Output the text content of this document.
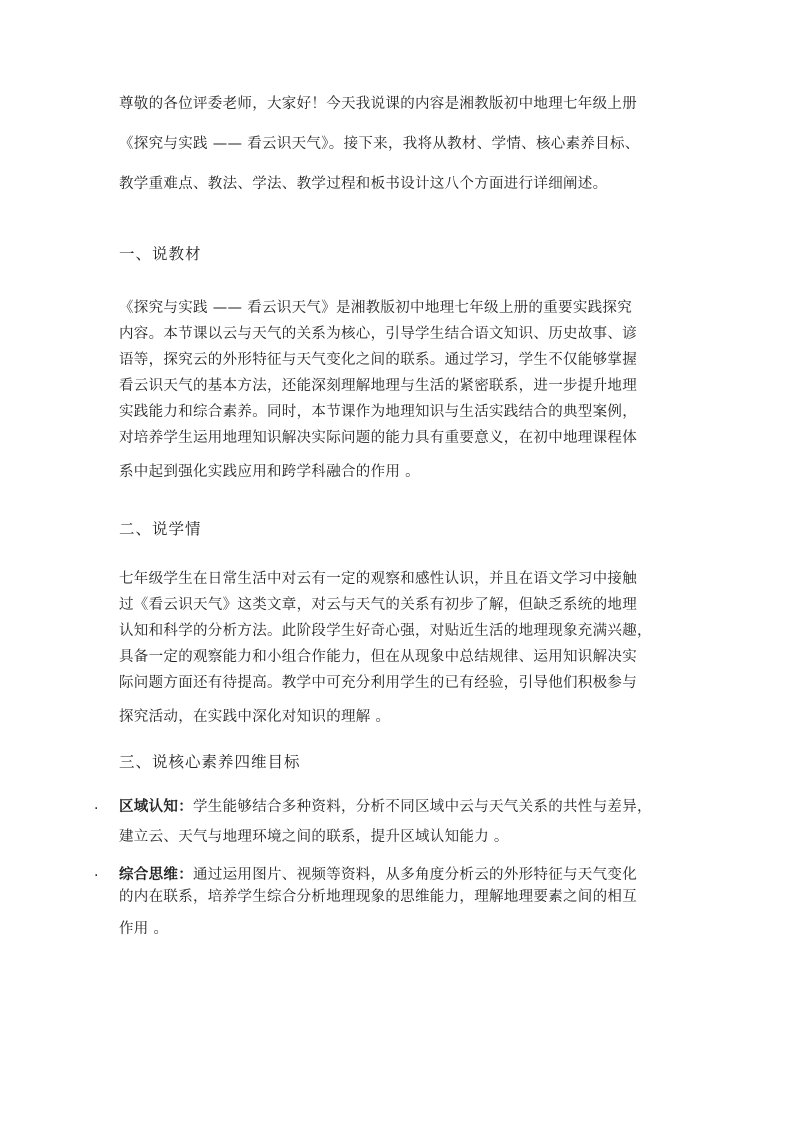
尊敬的各位评委老师，大家好！今天我说课的内容是湘教版初中地理七年级上册
《探究与实践 —— 看云识天气》。接下来，我将从教材、学情、核心素养目标、
教学重难点、教法、学法、教学过程和板书设计这八个方面进行详细阐述。
一、说教材
《探究与实践 —— 看云识天气》是湘教版初中地理七年级上册的重要实践探究
内容。本节课以云与天气的关系为核心，引导学生结合语文知识、历史故事、谚
语等，探究云的外形特征与天气变化之间的联系。通过学习，学生不仅能够掌握
看云识天气的基本方法，还能深刻理解地理与生活的紧密联系，进一步提升地理
实践能力和综合素养。同时，本节课作为地理知识与生活实践结合的典型案例，
对培养学生运用地理知识解决实际问题的能力具有重要意义，在初中地理课程体
系中起到强化实践应用和跨学科融合的作用 。
二、说学情
七年级学生在日常生活中对云有一定的观察和感性认识，并且在语文学习中接触
过《看云识天气》这类文章，对云与天气的关系有初步了解，但缺乏系统的地理
认知和科学的分析方法。此阶段学生好奇心强，对贴近生活的地理现象充满兴趣，
具备一定的观察能力和小组合作能力，但在从现象中总结规律、运用知识解决实
际问题方面还有待提高。教学中可充分利用学生的已有经验，引导他们积极参与
探究活动，在实践中深化对知识的理解 。
三、说核心素养四维目标
. 区域认知：学生能够结合多种资料，分析不同区域中云与天气关系的共性与差异，
建立云、天气与地理环境之间的联系，提升区域认知能力 。
. 综合思维：通过运用图片、视频等资料，从多角度分析云的外形特征与天气变化
的内在联系，培养学生综合分析地理现象的思维能力，理解地理要素之间的相互
作用 。
